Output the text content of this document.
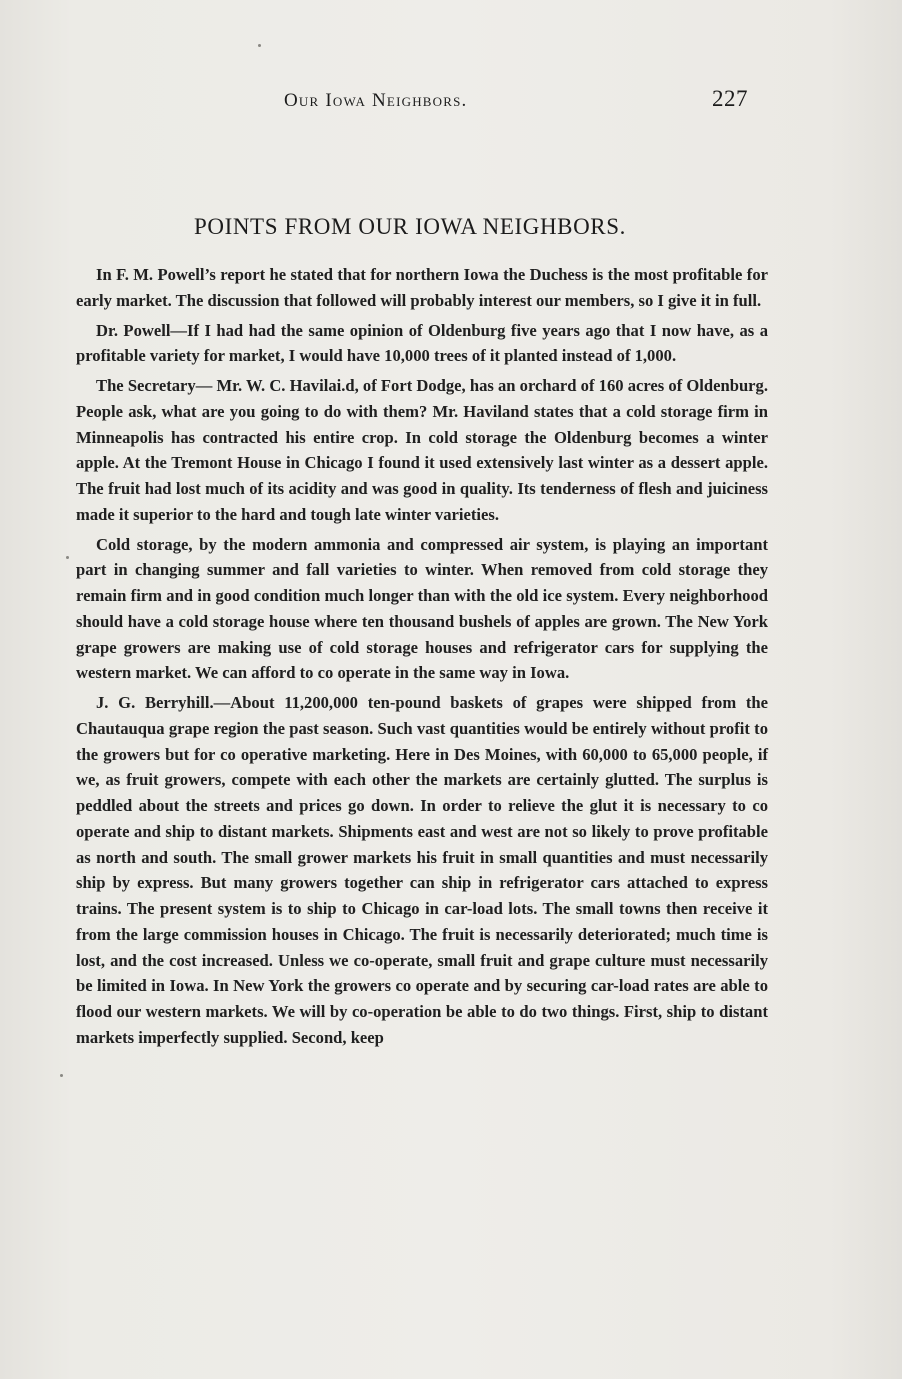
Our Iowa Neighbors.	227
POINTS FROM OUR IOWA NEIGHBORS.

In F. M. Powell’s report he stated that for northern Iowa the Duchess is the most profitable for early market. The discussion that followed will probably interest our members, so I give it in full.

Dr. Powell—If I had had the same opinion of Oldenburg five years ago that I now have, as a profitable variety for market, I would have 10,000 trees of it planted instead of 1,000.

The Secretary— Mr. W. C. Havilai.d, of Fort Dodge, has an orchard of 160 acres of Oldenburg. People ask, what are you going to do with them? Mr. Haviland states that a cold storage firm in Minneapolis has contracted his entire crop. In cold storage the Oldenburg becomes a winter apple. At the Tremont House in Chicago I found it used extensively last winter as a dessert apple. The fruit had lost much of its acidity and was good in quality. Its tenderness of flesh and juiciness made it superior to the hard and tough late winter varieties.

Cold storage, by the modern ammonia and compressed air system, is playing an important part in changing summer and fall varieties to winter. When removed from cold storage they remain firm and in good condition much longer than with the old ice system. Every neighborhood should have a cold storage house where ten thousand bushels of apples are grown. The New York grape growers are making use of cold storage houses and refrigerator cars for supplying the western market. We can afford to co operate in the same way in Iowa.

J. G. Berryhill.—About 11,200,000 ten-pound baskets of grapes were shipped from the Chautauqua grape region the past season. Such vast quantities would be entirely without profit to the growers but for co operative marketing. Here in Des Moines, with 60,000 to 65,000 people, if we, as fruit growers, compete with each other the markets are certainly glutted. The surplus is peddled about the streets and prices go down. In order to relieve the glut it is necessary to co operate and ship to distant markets. Shipments east and west are not so likely to prove profitable as north and south. The small grower markets his fruit in small quantities and must necessarily ship by express. But many growers together can ship in refrigerator cars attached to express trains. The present system is to ship to Chicago in car-load lots. The small towns then receive it from the large commission houses in Chicago. The fruit is necessarily deteriorated; much time is lost, and the cost increased. Unless we co-operate, small fruit and grape culture must necessarily be limited in Iowa. In New York the growers co operate and by securing car-load rates are able to flood our western markets. We will by co-operation be able to do two things. First, ship to distant markets imperfectly supplied. Second, keep
